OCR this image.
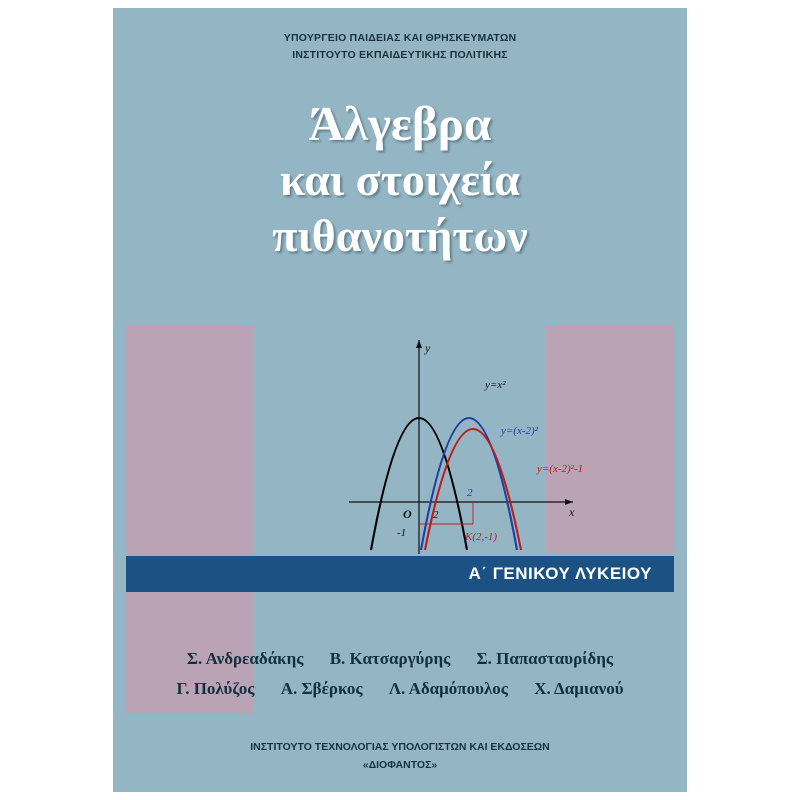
ΥΠΟΥΡΓΕΙΟ ΠΑΙΔΕΙΑΣ ΚΑΙ ΘΡΗΣΚΕΥΜΑΤΩΝ
ΙΝΣΤΙΤΟΥΤΟ ΕΚΠΑΙΔΕΥΤΙΚΗΣ ΠΟΛΙΤΙΚΗΣ
Άλγεβρα
και στοιχεία
πιθανοτήτων
y=x²
y=(x-2)²
y=(x-2)²-1
x
y
O 2
2
-1	K(2,-1)
Α΄ ΓΕΝΙΚΟΥ ΛΥΚΕΙΟΥ
Σ. Ανδρεαδάκης Β. Κατσαργύρης Σ. Παπασταυρίδης
Γ. Πολύζος Α. Σβέρκος Λ. Αδαμόπουλος Χ. Δαμιανού
ΙΝΣΤΙΤΟΥΤΟ ΤΕΧΝΟΛΟΓΙΑΣ ΥΠΟΛΟΓΙΣΤΩΝ ΚΑΙ ΕΚΔΟΣΕΩΝ
«ΔΙΟΦΑΝΤΟΣ»
